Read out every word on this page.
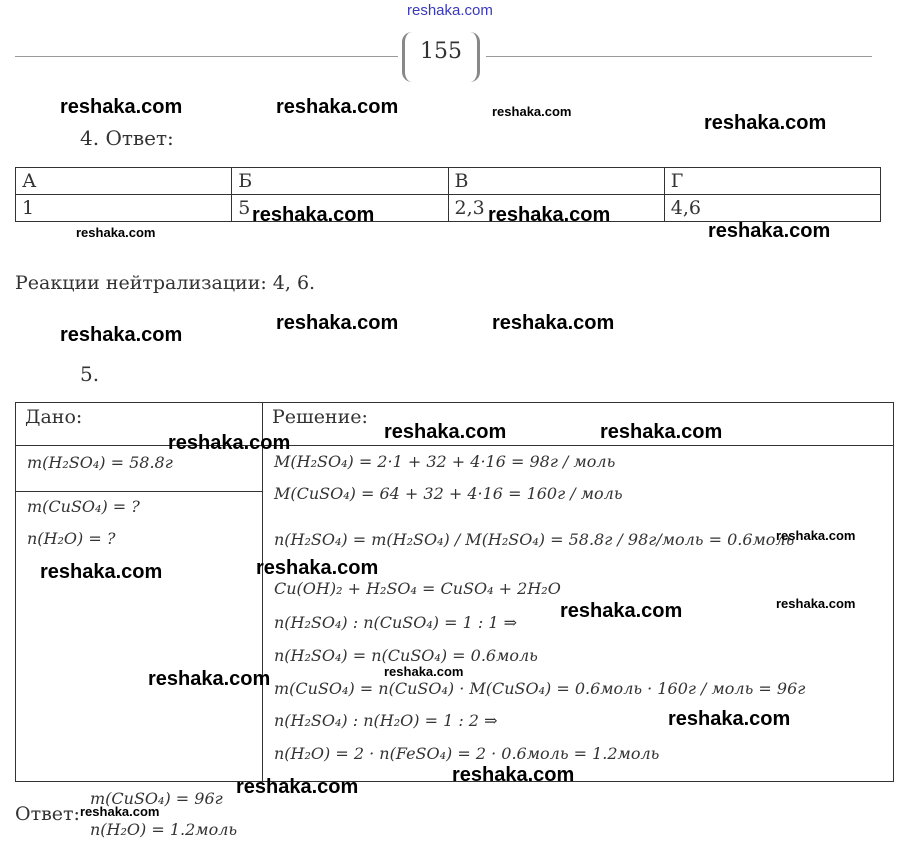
reshaka.com
155
4. Ответ:
А	Б	В	Г
1	5	2,3	4,6
Реакции нейтрализации: 4, 6.
5.
Дано:	Решение:
m(H₂SO₄) = 58.8г
m(CuSO₄) = ?
n(H₂O) = ?
M(H₂SO₄) = 2·1 + 32 + 4·16 = 98г / моль
M(CuSO₄) = 64 + 32 + 4·16 = 160г / моль
n(H₂SO₄) = m(H₂SO₄) / M(H₂SO₄) = 58.8г / 98г/моль = 0.6моль
Cu(OH)₂ + H₂SO₄ = CuSO₄ + 2H₂O
n(H₂SO₄) : n(CuSO₄) = 1 : 1 ⇒
n(H₂SO₄) = n(CuSO₄) = 0.6моль
m(CuSO₄) = n(CuSO₄) · M(CuSO₄) = 0.6моль · 160г / моль = 96г
n(H₂SO₄) : n(H₂O) = 1 : 2 ⇒
n(H₂O) = 2 · n(FeSO₄) = 2 · 0.6моль = 1.2моль
Ответ:
m(CuSO₄) = 96г
n(H₂O) = 1.2моль
reshaka.com	reshaka.com	reshaka.com
reshaka.com
reshaka.com	reshaka.com
reshaka.com	reshaka.com
reshaka.com
reshaka.com	reshaka.com
reshaka.com	reshaka.com	reshaka.com
reshaka.com
reshaka.com	reshaka.com
reshaka.com	reshaka.com
reshaka.com
reshaka.com
reshaka.com
reshaka.com
reshaka.com
reshaka.com
